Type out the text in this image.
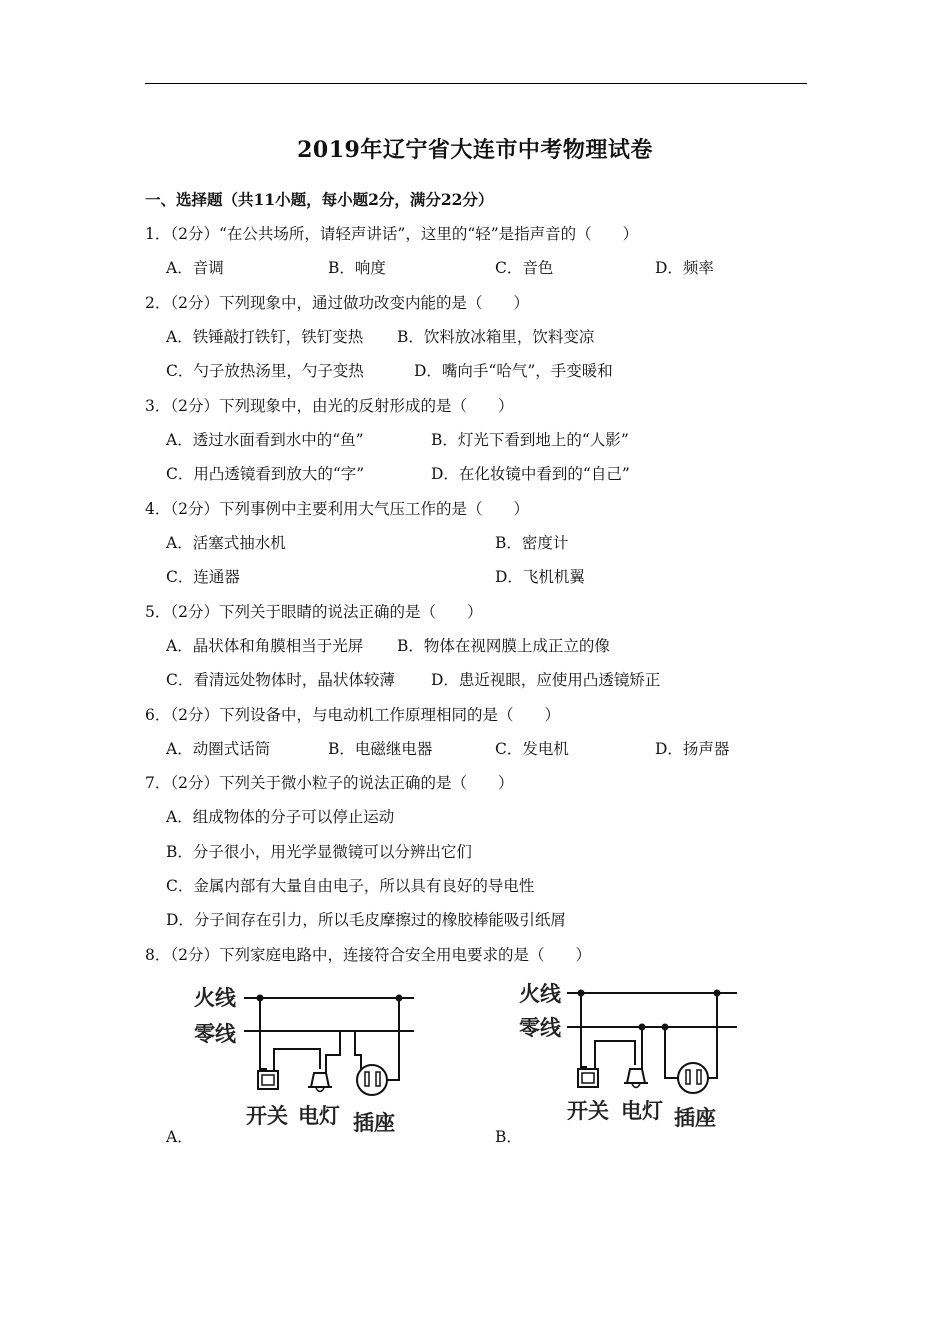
2019年辽宁省大连市中考物理试卷
一、选择题（共11小题，每小题2分，满分22分）
1．（2分）“在公共场所，请轻声讲话”，这里的“轻”是指声音的（　　）
A．音调	B．响度	C．音色	D．频率
2．（2分）下列现象中，通过做功改变内能的是（　　）
A．铁锤敲打铁钉，铁钉变热 B．饮料放冰箱里，饮料变凉
C．勺子放热汤里，勺子变热	D．嘴向手“哈气”，手变暖和
3．（2分）下列现象中，由光的反射形成的是（　　）
A．透过水面看到水中的“鱼”	B．灯光下看到地上的“人影”
C．用凸透镜看到放大的“字”	D．在化妆镜中看到的“自己”
4．（2分）下列事例中主要利用大气压工作的是（　　）
A．活塞式抽水机	B．密度计
C．连通器	D．飞机机翼
5．（2分）下列关于眼睛的说法正确的是（　　）
A．晶状体和角膜相当于光屏 B．物体在视网膜上成正立的像
C．看清远处物体时，晶状体较薄 D．患近视眼，应使用凸透镜矫正
6．（2分）下列设备中，与电动机工作原理相同的是（　　）
A．动圈式话筒	B．电磁继电器	C．发电机	D．扬声器
7．（2分）下列关于微小粒子的说法正确的是（　　）
A．组成物体的分子可以停止运动
B．分子很小，用光学显微镜可以分辨出它们
C．金属内部有大量自由电子，所以具有良好的导电性
D．分子间存在引力，所以毛皮摩擦过的橡胶棒能吸引纸屑
8．（2分）下列家庭电路中，连接符合安全用电要求的是（　　）
火线
零线
开关 电灯 插座
A．
火线
零线
开关 电灯 插座
B．
